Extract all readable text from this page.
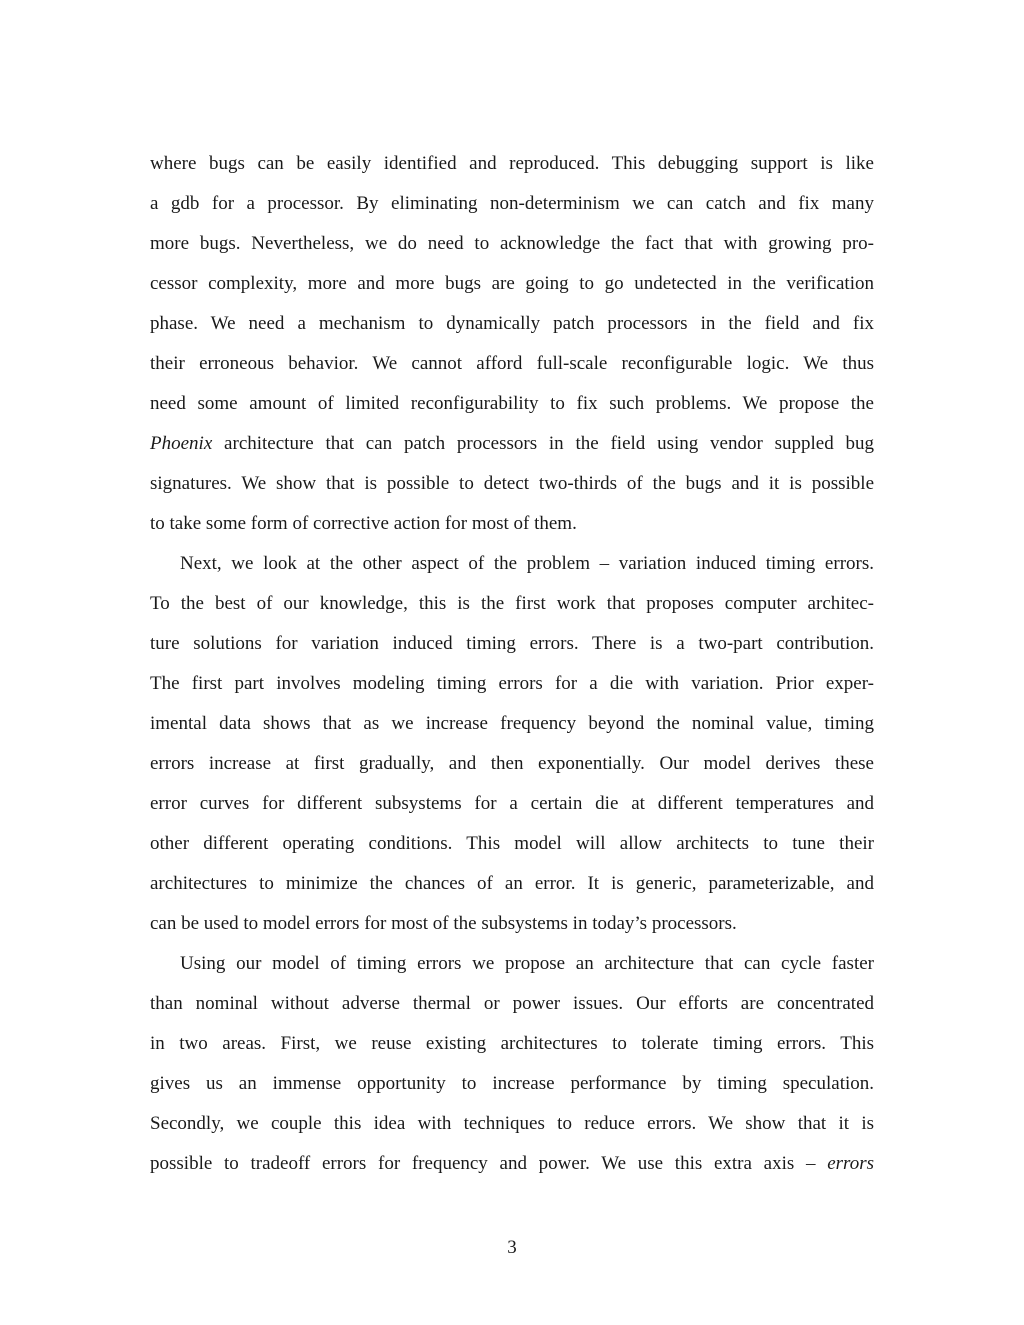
where bugs can be easily identified and reproduced. This debugging support is like
a gdb for a processor. By eliminating non-determinism we can catch and fix many
more bugs. Nevertheless, we do need to acknowledge the fact that with growing pro-
cessor complexity, more and more bugs are going to go undetected in the verification
phase. We need a mechanism to dynamically patch processors in the field and fix
their erroneous behavior. We cannot afford full-scale reconfigurable logic. We thus
need some amount of limited reconfigurability to fix such problems. We propose the
Phoenix architecture that can patch processors in the field using vendor suppled bug
signatures. We show that is possible to detect two-thirds of the bugs and it is possible
to take some form of corrective action for most of them.
Next, we look at the other aspect of the problem – variation induced timing errors.
To the best of our knowledge, this is the first work that proposes computer architec-
ture solutions for variation induced timing errors. There is a two-part contribution.
The first part involves modeling timing errors for a die with variation. Prior exper-
imental data shows that as we increase frequency beyond the nominal value, timing
errors increase at first gradually, and then exponentially. Our model derives these
error curves for different subsystems for a certain die at different temperatures and
other different operating conditions. This model will allow architects to tune their
architectures to minimize the chances of an error. It is generic, parameterizable, and
can be used to model errors for most of the subsystems in today’s processors.
Using our model of timing errors we propose an architecture that can cycle faster
than nominal without adverse thermal or power issues. Our efforts are concentrated
in two areas. First, we reuse existing architectures to tolerate timing errors. This
gives us an immense opportunity to increase performance by timing speculation.
Secondly, we couple this idea with techniques to reduce errors. We show that it is
possible to tradeoff errors for frequency and power. We use this extra axis – errors
3
